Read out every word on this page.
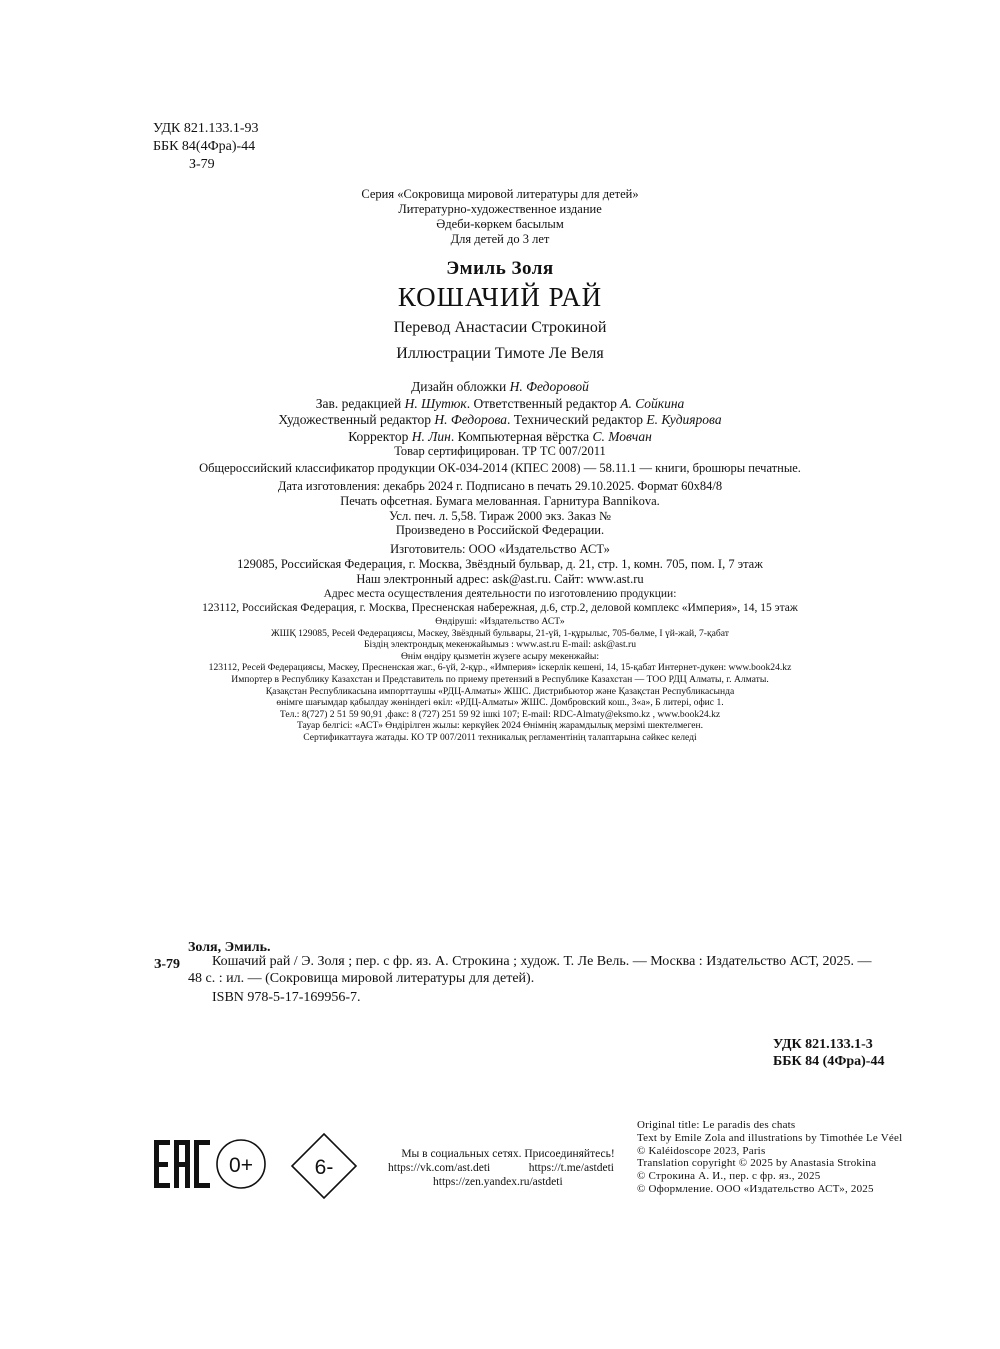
УДК 821.133.1-93
ББК 84(4Фра)-44
З-79
Серия «Сокровища мировой литературы для детей»
Литературно-художественное издание
Әдеби-көркем басылым
Для детей до 3 лет
Эмиль Золя
КОШАЧИЙ РАЙ
Перевод Анастасии Строкиной
Иллюстрации Тимоте Ле Веля
Дизайн обложки Н. Федоровой
Зав. редакцией Н. Шутюк. Ответственный редактор А. Сойкина
Художественный редактор Н. Федорова. Технический редактор Е. Кудиярова
Корректор Н. Лин. Компьютерная вёрстка С. Мовчан
Товар сертифицирован. ТР ТС 007/2011
Общероссийский классификатор продукции ОК-034-2014 (КПЕС 2008) — 58.11.1 — книги, брошюры печатные.
Дата изготовления: декабрь 2024 г. Подписано в печать 29.10.2025. Формат 60x84/8
Печать офсетная. Бумага мелованная. Гарнитура Bannikova.
Усл. печ. л. 5,58. Тираж 2000 экз. Заказ №
Произведено в Российской Федерации.
Изготовитель: ООО «Издательство АСТ»
129085, Российская Федерация, г. Москва, Звёздный бульвар, д. 21, стр. 1, комн. 705, пом. I, 7 этаж
Наш электронный адрес: ask@ast.ru. Сайт: www.ast.ru
Адрес места осуществления деятельности по изготовлению продукции:
123112, Российская Федерация, г. Москва, Пресненская набережная, д.6, стр.2, деловой комплекс «Империя», 14, 15 этаж
Өндіруші: «Издательство АСТ»
ЖШҚ 129085, Ресей Федерациясы, Мәскеу, Звёздный бульвары, 21-үй, 1-құрылыс, 705-бөлме, I үй-жай, 7-қабат
Біздің электрондық мекенжайымыз : www.ast.ru E-mail: ask@ast.ru
Өнім өндіру қызметін жүзеге асыру мекенжайы:
123112, Ресей Федерациясы, Мәскеу, Пресненская жаг., 6-үй, 2-құр., «Империя» іскерлік кешені, 14, 15-қабат Интернет-дукен: www.book24.kz
Импортер в Республику Казахстан и Представитель по приему претензий в Республике Казахстан — ТОО РДЦ Алматы, г. Алматы.
Қазақстан Республикасына импорттаушы «РДЦ-Алматы» ЖШС. Дистрибьютор және Қазақстан Республикасында
өнімге шағымдар қабылдау жөніндегі өкіл: «РДЦ-Алматы» ЖШС. Домбровский кош., 3«а», Б литері, офис 1.
Тел.: 8(727) 2 51 59 90,91 ,факс: 8 (727) 251 59 92 ішкі 107; E-mail: RDC-Almaty@eksmo.kz , www.book24.kz
Тауар белгісі: «АСТ» Өндірілген жылы: керкүйек 2024 Өнімнің жарамдылық мерзімі шектелмеген.
Сертификаттауға жатады. КО ТР 007/2011 техникалық регламентінің талаптарына сәйкес келеді
Золя, Эмиль.
З-79	Кошачий рай / Э. Золя ; пер. с фр. яз. А. Строкина ; худож. Т. Ле Вель. — Москва : Издательство АСТ, 2025. —
48 с. : ил. — (Сокровища мировой литературы для детей).
ISBN 978-5-17-169956-7.
УДК 821.133.1-3
ББК 84 (4Фра)-44
0+	6-
Мы в социальных сетях. Присоединяйтесь!
https://vk.com/ast.deti	https://t.me/astdeti
https://zen.yandex.ru/astdeti
Original title: Le paradis des chats
Text by Emile Zola and illustrations by Timothée Le Véel
© Kaléidoscope 2023, Paris
Translation copyright © 2025 by Anastasia Strokina
© Строкина А. И., пер. с фр. яз., 2025
© Оформление. ООО «Издательство АСТ», 2025
